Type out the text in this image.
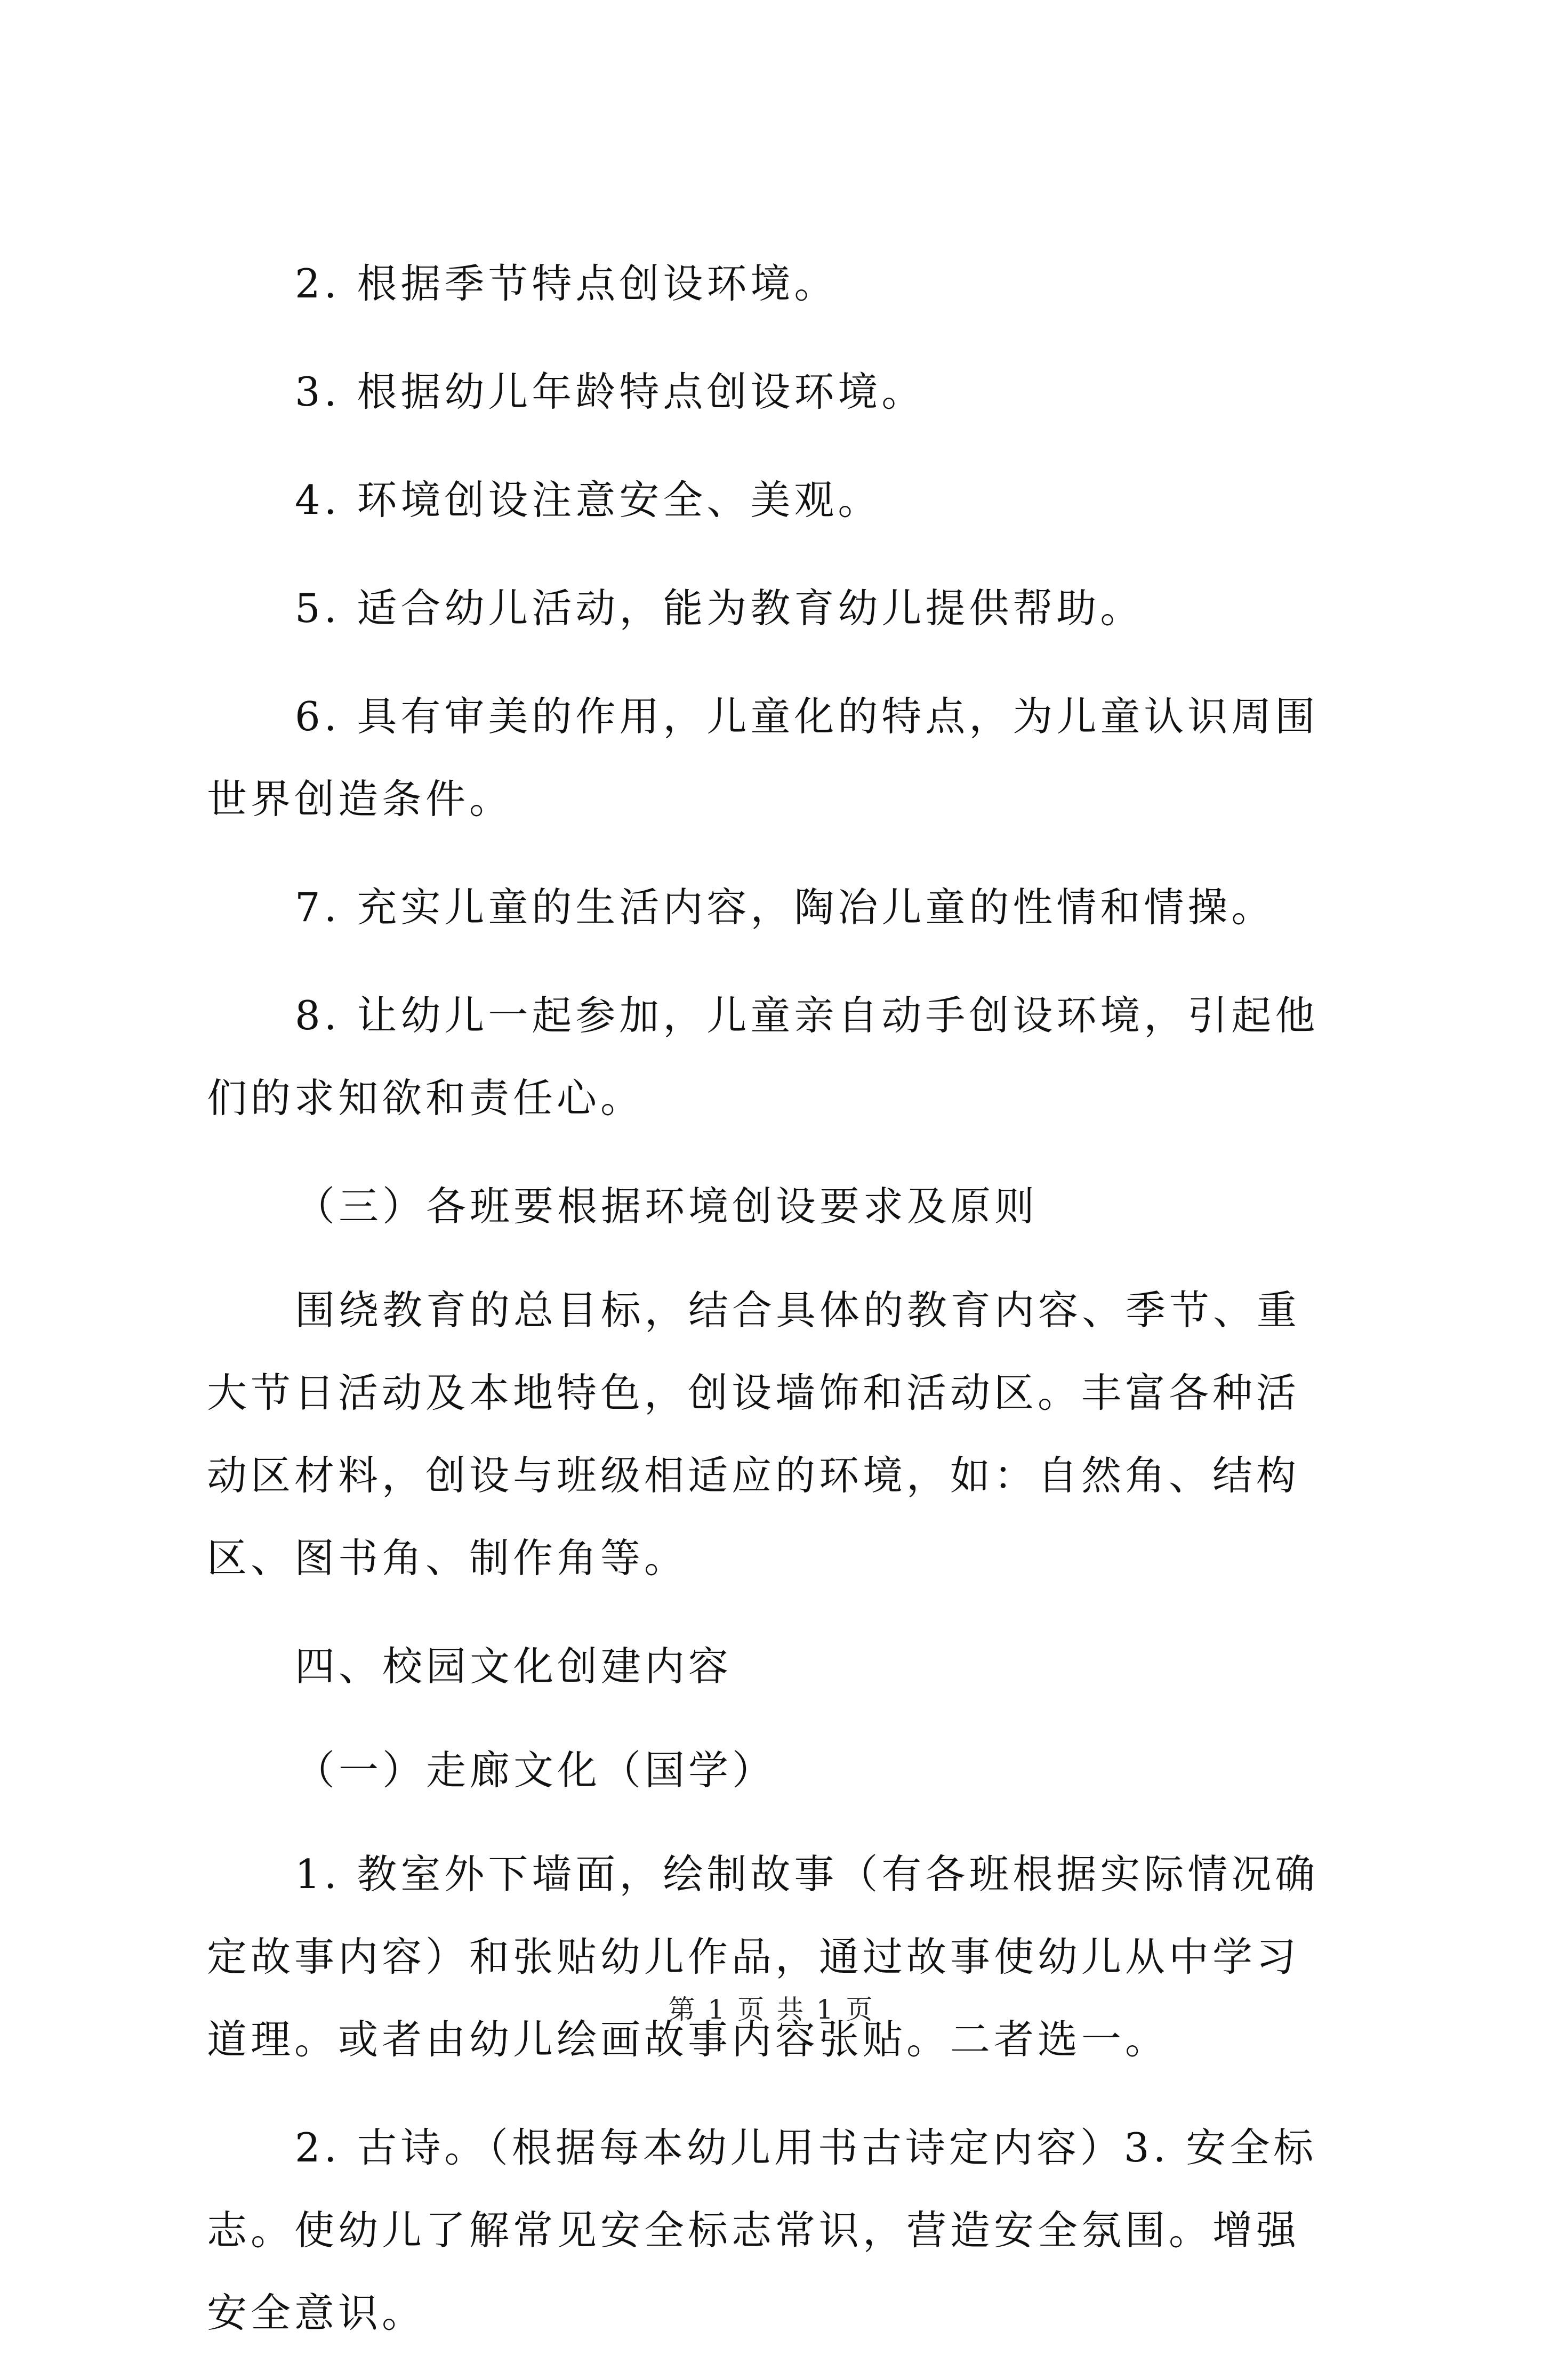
2. 根据季节特点创设环境。

3. 根据幼儿年龄特点创设环境。

4. 环境创设注意安全、美观。

5. 适合幼儿活动，能为教育幼儿提供帮助。

6. 具有审美的作用，儿童化的特点，为儿童认识周围世界创造条件。

7. 充实儿童的生活内容，陶冶儿童的性情和情操。

8. 让幼儿一起参加，儿童亲自动手创设环境，引起他们的求知欲和责任心。

（三）各班要根据环境创设要求及原则

围绕教育的总目标，结合具体的教育内容、季节、重大节日活动及本地特色，创设墙饰和活动区。丰富各种活动区材料，创设与班级相适应的环境，如：自然角、结构区、图书角、制作角等。

四、校园文化创建内容

（一）走廊文化（国学）

1. 教室外下墙面，绘制故事（有各班根据实际情况确定故事内容）和张贴幼儿作品，通过故事使幼儿从中学习道理。或者由幼儿绘画故事内容张贴。二者选一。

2. 古诗。（根据每本幼儿用书古诗定内容）3. 安全标志。使幼儿了解常见安全标志常识，营造安全氛围。增强安全意识。

第 1 页 共 1 页
